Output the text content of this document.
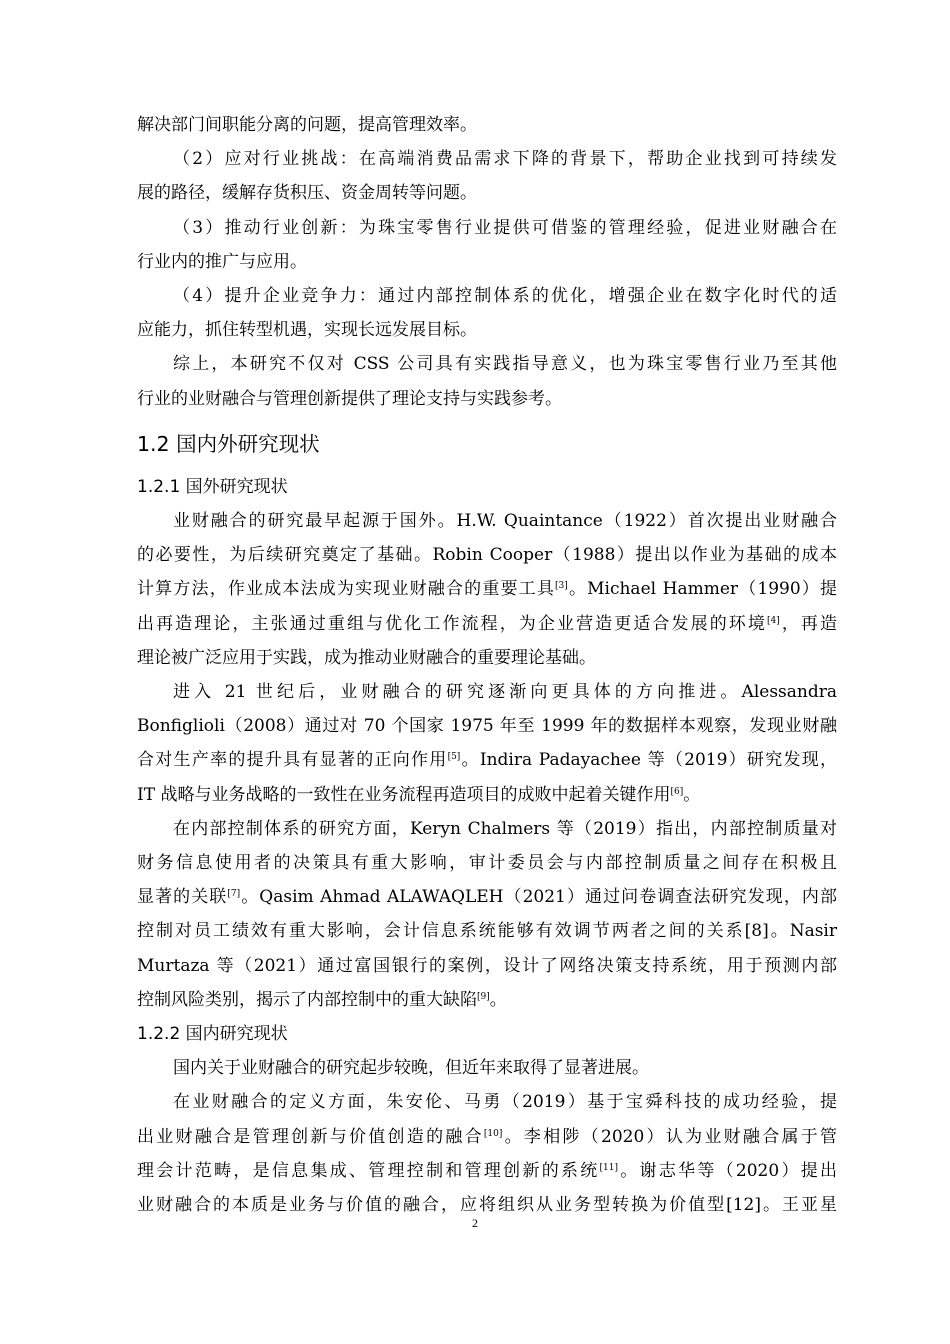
解决部门间职能分离的问题，提高管理效率。

（2）应对行业挑战：在高端消费品需求下降的背景下，帮助企业找到可持续发

展的路径，缓解存货积压、资金周转等问题。

（3）推动行业创新：为珠宝零售行业提供可借鉴的管理经验，促进业财融合在

行业内的推广与应用。

（4）提升企业竞争力：通过内部控制体系的优化，增强企业在数字化时代的适

应能力，抓住转型机遇，实现长远发展目标。

综上，本研究不仅对 CSS 公司具有实践指导意义，也为珠宝零售行业乃至其他

行业的业财融合与管理创新提供了理论支持与实践参考。

1.2 国内外研究现状
1.2.1 国外研究现状

业财融合的研究最早起源于国外。H.W. Quaintance（1922）首次提出业财融合

的必要性，为后续研究奠定了基础。Robin Cooper（1988）提出以作业为基础的成本

计算方法，作业成本法成为实现业财融合的重要工具[3]。Michael Hammer（1990）提

出再造理论，主张通过重组与优化工作流程，为企业营造更适合发展的环境[4]，再造

理论被广泛应用于实践，成为推动业财融合的重要理论基础。

进入 21 世纪后，业财融合的研究逐渐向更具体的方向推进。Alessandra

Bonfiglioli（2008）通过对 70 个国家 1975 年至 1999 年的数据样本观察，发现业财融

合对生产率的提升具有显著的正向作用[5]。Indira Padayachee 等（2019）研究发现，

IT 战略与业务战略的一致性在业务流程再造项目的成败中起着关键作用[6]。

在内部控制体系的研究方面，Keryn Chalmers 等（2019）指出，内部控制质量对

财务信息使用者的决策具有重大影响，审计委员会与内部控制质量之间存在积极且

显著的关联[7]。Qasim Ahmad ALAWAQLEH（2021）通过问卷调查法研究发现，内部

控制对员工绩效有重大影响，会计信息系统能够有效调节两者之间的关系[8]。Nasir

Murtaza 等（2021）通过富国银行的案例，设计了网络决策支持系统，用于预测内部

控制风险类别，揭示了内部控制中的重大缺陷[9]。

1.2.2 国内研究现状

国内关于业财融合的研究起步较晚，但近年来取得了显著进展。

在业财融合的定义方面，朱安伦、马勇（2019）基于宝舜科技的成功经验，提

出业财融合是管理创新与价值创造的融合[10]。李相陟（2020）认为业财融合属于管

理会计范畴，是信息集成、管理控制和管理创新的系统[11]。谢志华等（2020）提出

业财融合的本质是业务与价值的融合，应将组织从业务型转换为价值型[12]。王亚星

2
